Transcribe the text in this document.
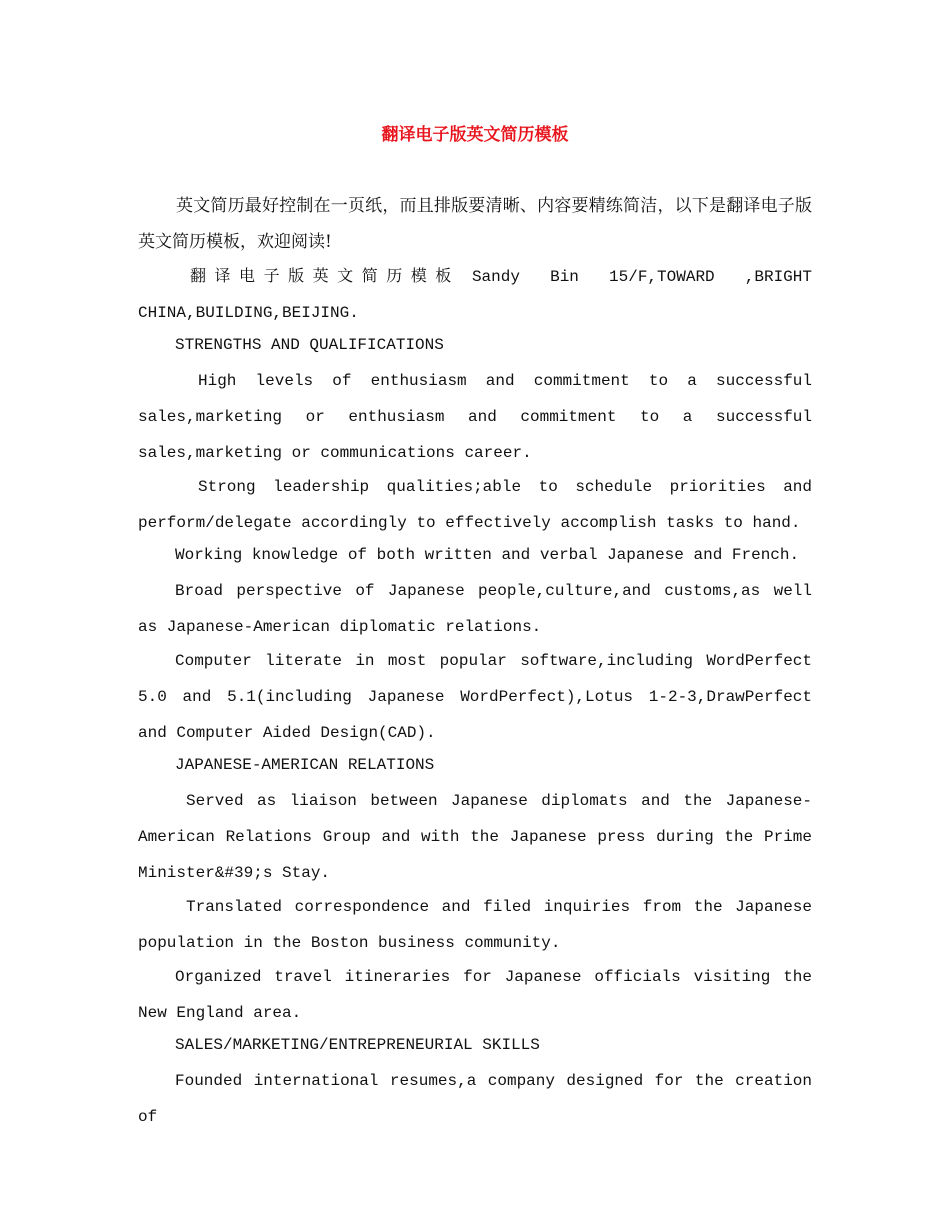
翻译电子版英文简历模板
英文简历最好控制在一页纸，而且排版要清晰、内容要精练简洁，以下是翻译电子版英文简历模板，欢迎阅读!

翻译电子版英文简历模板 Sandy Bin 15/F,TOWARD ,BRIGHT CHINA,BUILDING,BEIJING.

STRENGTHS AND QUALIFICATIONS

High levels of enthusiasm and commitment to a successful sales,marketing or enthusiasm and commitment to a successful sales,marketing or communications career.

Strong leadership qualities;able to schedule priorities and perform/delegate accordingly to effectively accomplish tasks to hand.

Working knowledge of both written and verbal Japanese and French.

Broad perspective of Japanese people,culture,and customs,as well as Japanese-American diplomatic relations.

Computer literate in most popular software,including WordPerfect 5.0 and 5.1(including Japanese WordPerfect),Lotus 1-2-3,DrawPerfect and Computer Aided Design(CAD).

JAPANESE-AMERICAN RELATIONS

Served as liaison between Japanese diplomats and the Japanese-American Relations Group and with the Japanese press during the Prime Minister&#39;s Stay.

Translated correspondence and filed inquiries from the Japanese population in the Boston business community.

Organized travel itineraries for Japanese officials visiting the New England area.

SALES/MARKETING/ENTREPRENEURIAL SKILLS

Founded international resumes,a company designed for the creation of
